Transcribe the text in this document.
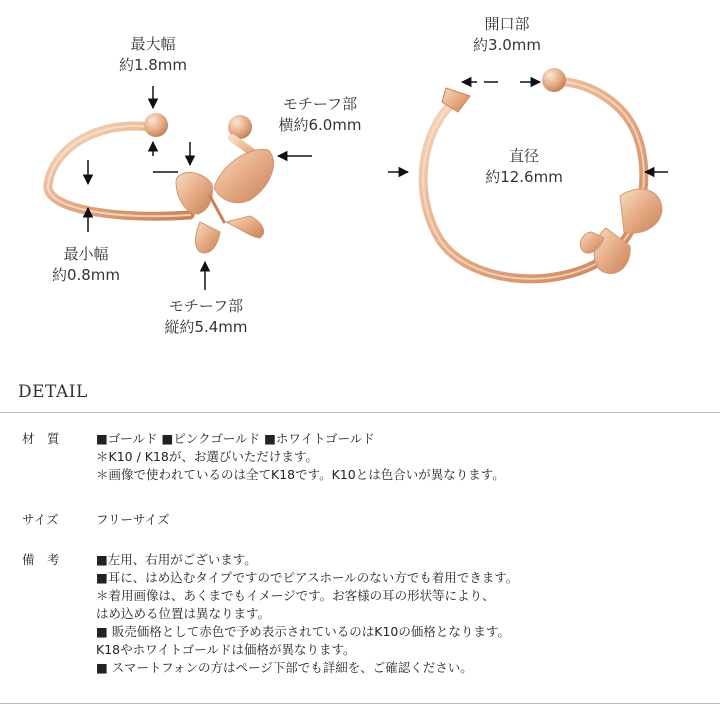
最大幅
約1.8mm
モチーフ部
横約6.0mm
最小幅
約0.8mm
モチーフ部
縦約5.4mm
開口部
約3.0mm
直径
約12.6mm
DETAIL
材　質	■ゴールド ■ピンクゴールド ■ホワイトゴールド
＊K10 / K18が、お選びいただけます。
＊画像で使われているのは全てK18です。K10とは色合いが異なります。
サイズ	フリーサイズ
備　考	■左用、右用がございます。
■耳に、はめ込むタイプですのでピアスホールのない方でも着用できます。
＊着用画像は、あくまでもイメージです。お客様の耳の形状等により、
はめ込める位置は異なります。
■ 販売価格として赤色で予め表示されているのはK10の価格となります。
K18やホワイトゴールドは価格が異なります。
■ スマートフォンの方はページ下部でも詳細を、ご確認ください。
